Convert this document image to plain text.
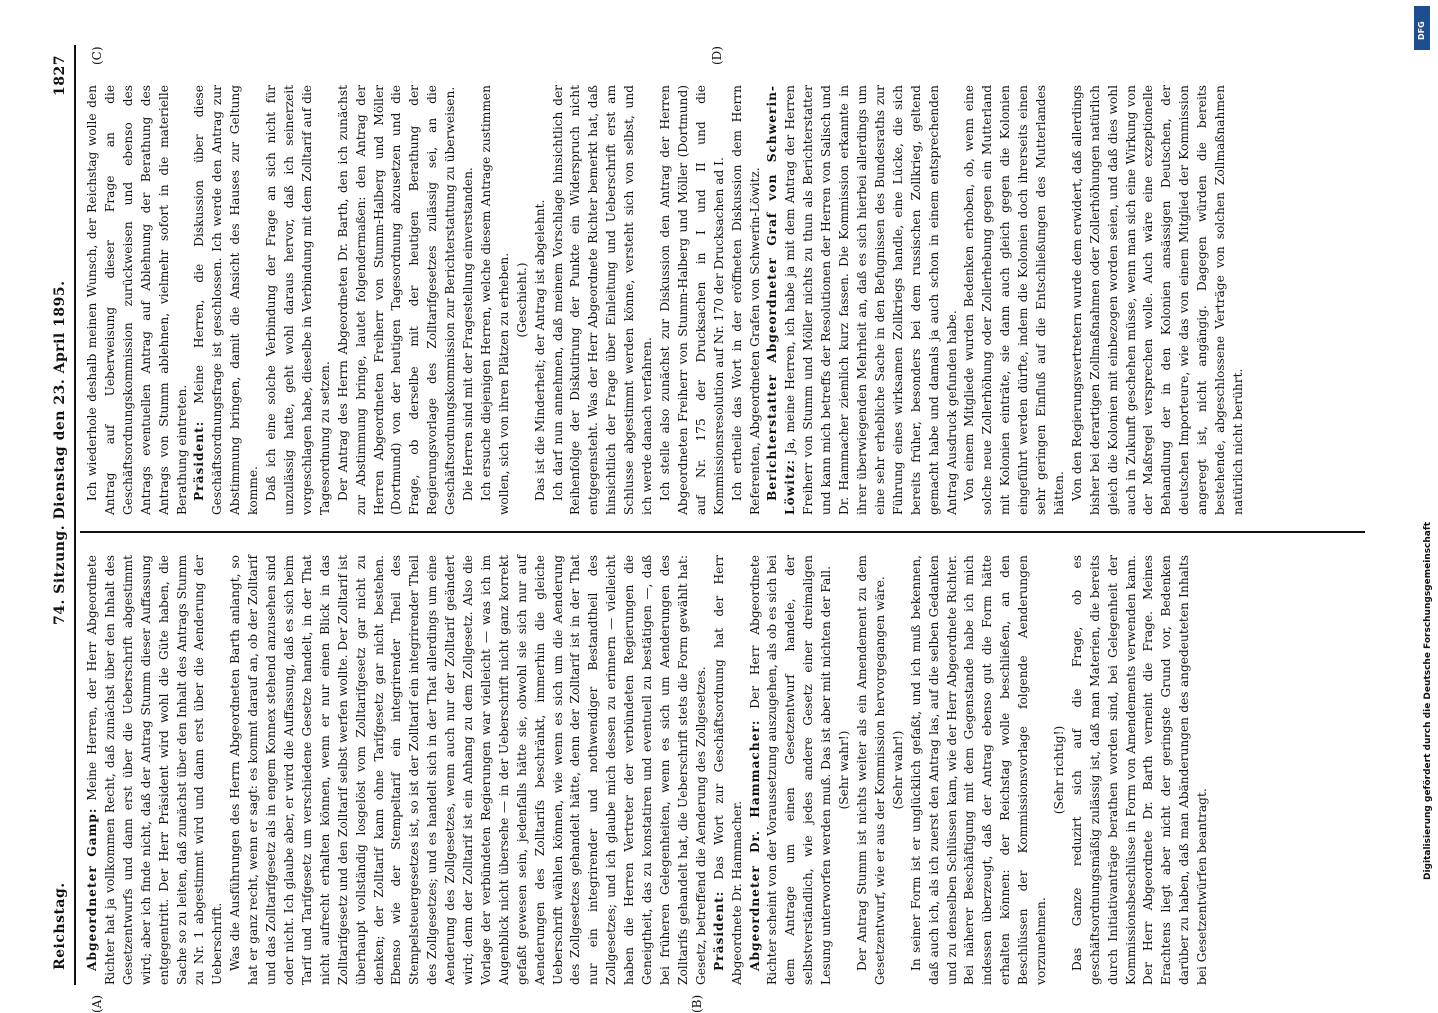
Reichstag.
74. Sitzung. Dienstag den 23. April 1895.
1827

Abgeordneter Gamp: Meine Herren, der Herr Abgeordnete Richter hat ja vollkommen Recht, daß zunächst über den Inhalt des Gesetzentwurfs und dann erst über die Ueberschrift abgestimmt wird; aber ich finde nicht, daß der Antrag Stumm dieser Auffassung entgegentritt. Der Herr Präsident wird wohl die Güte haben, die Sache so zu leiten, daß zunächst über den Inhalt des Antrags Stumm zu Nr. 1 abgestimmt wird und dann erst über die Aenderung der Ueberschrift. Was die Ausführungen des Herrn Abgeordneten Barth anlangt, so hat er ganz recht, wenn er sagt: es kommt darauf an, ob der Zolltarif und das Zolltarifgesetz als in engem Konnex stehend anzusehen sind oder nicht. Ich glaube aber, er wird die Auffassung, daß es sich beim Tarif und Tarifgesetz um verschiedene Gesetze handelt, in der That nicht aufrecht erhalten können, wenn er nur einen Blick in das Zolltarifgesetz und den Zolltarif selbst werfen wollte. Der Zolltarif ist überhaupt vollständig losgelöst vom Zolltarifgesetz gar nicht zu denken; der Zolltarif kann ohne Tarifgesetz gar nicht bestehen. Ebenso wie der Stempeltarif ein integrirender Theil des Stempelsteuergesetzes ist, so ist der Zolltarif ein integrirender Theil des Zollgesetzes; und es handelt sich in der That allerdings um eine Aenderung des Zollgesetzes, wenn auch nur der Zolltarif geändert wird; denn der Zolltarif ist ein Anhang zu dem Zollgesetz. Also die Vorlage der verbündeten Regierungen war vielleicht — was ich im Augenblick nicht übersehe — in der Ueberschrift nicht ganz korrekt gefaßt gewesen sein, jedenfalls hätte sie, obwohl sie sich nur auf Aenderungen des Zolltarifs beschränkt, immerhin die gleiche Ueberschrift wählen können, wie wenn es sich um die Aenderung des Zollgesetzes gehandelt hätte, denn der Zolltarif ist in der That nur ein integrirender und nothwendiger Bestandtheil des Zollgesetzes; und ich glaube mich dessen zu erinnern — vielleicht haben die Herren Vertreter der verbündeten Regierungen die Geneigtheit, das zu konstatiren und eventuell zu bestätigen —, daß bei früheren Gelegenheiten, wenn es sich um Aenderungen des Zolltarifs gehandelt hat, die Ueberschrift stets die Form gewählt hat: Gesetz, betreffend die Aenderung des Zollgesetzes. Präsident: Das Wort zur Geschäftsordnung hat der Herr Abgeordnete Dr. Hammacher. Abgeordneter Dr. Hammacher: Der Herr Abgeordnete Richter scheint von der Voraussetzung auszugehen, als ob es sich bei dem Antrage um einen Gesetzentwurf handele, der selbstverständlich, wie jedes andere Gesetz einer dreimaligen Lesung unterworfen werden muß. Das ist aber mit nichten der Fall. (Sehr wahr!) Der Antrag Stumm ist nichts weiter als ein Amendement zu dem Gesetzentwurf, wie er aus der Kommission hervorgegangen wäre. (Sehr wahr!) In seiner Form ist er unglücklich gefaßt, und ich muß bekennen, daß auch ich, als ich zuerst den Antrag las, auf die selben Gedanken und zu denselben Schlüssen kam, wie der Herr Abgeordnete Richter. Bei näherer Beschäftigung mit dem Gegenstande habe ich mich indessen überzeugt, daß der Antrag ebenso gut die Form hätte erhalten können: der Reichstag wolle beschließen, an den Beschlüssen der Kommissionsvorlage folgende Aenderungen vorzunehmen.

(Sehr richtig!) Das Ganze reduzirt sich auf die Frage, ob es geschäftsordnungsmäßig zulässig ist, daß man Materien, die bereits durch Initiativanträge berathen worden sind, bei Gelegenheit der Kommissionsbeschlüsse in Form von Amendements verwenden kann. Der Herr Abgeordnete Dr. Barth verneint die Frage. Meines Erachtens liegt aber nicht der geringste Grund vor, Bedenken darüber zu haben, daß man Abänderungen des angedeuteten Inhalts bei Gesetzentwürfen beantragt.

Ich wiederhole deshalb meinen Wunsch, der Reichstag wolle den Antrag auf Ueberweisung dieser Frage an die Geschäftsordnungskommission zurückweisen und ebenso des Antrags eventuellen Antrag auf Ablehnung der Berathung des Antrags von Stumm ablehnen, vielmehr sofort in die materielle Berathung eintreten. Präsident: Meine Herren, die Diskussion über diese Geschäftsordnungsfrage ist geschlossen. Ich werde den Antrag zur Abstimmung bringen, damit die Ansicht des Hauses zur Geltung komme. Daß ich eine solche Verbindung der Frage an sich nicht für unzulässig hatte, geht wohl daraus hervor, daß ich seinerzeit vorgeschlagen habe, dieselbe in Verbindung mit dem Zolltarif auf die Tagesordnung zu setzen. Der Antrag des Herrn Abgeordneten Dr. Barth, den ich zunächst zur Abstimmung bringe, lautet folgendermaßen: den Antrag der Herren Abgeordneten Freiherr von Stumm-Halberg und Möller (Dortmund) von der heutigen Tagesordnung abzusetzen und die Frage, ob derselbe mit der heutigen Berathung der Regierungsvorlage des Zolltarifgesetzes zulässig sei, an die Geschäftsordnungskommission zur Berichterstattung zu überweisen. Die Herren sind mit der Fragestellung einverstanden. Ich ersuche diejenigen Herren, welche diesem Antrage zustimmen wollen, sich von ihren Plätzen zu erheben. (Geschieht.) Das ist die Minderheit; der Antrag ist abgelehnt. Ich darf nun annehmen, daß meinem Vorschlage hinsichtlich der Reihenfolge der Diskutirung der Punkte ein Widerspruch nicht entgegensteht. Was der Herr Abgeordnete Richter bemerkt hat, daß hinsichtlich der Frage über Einleitung und Ueberschrift erst am Schlusse abgestimmt werden könne, versteht sich von selbst, und ich werde danach verfahren. Ich stelle also zunächst zur Diskussion den Antrag der Herren Abgeordneten Freiherr von Stumm-Halberg und Möller (Dortmund) auf Nr. 175 der Drucksachen in I und II und die Kommissionsresolution auf Nr. 170 der Drucksachen ad I. Ich ertheile das Wort in der eröffneten Diskussion dem Herrn Referenten, Abgeordneten Grafen von Schwerin-Löwitz. Berichterstatter Abgeordneter Graf von Schwerin-Löwitz: Ja, meine Herren, ich habe ja mit dem Antrag der Herren Freiherr von Stumm und Möller nichts zu thun als Berichterstatter und kann mich betreffs der Resolutionen der Herren von Salisch und Dr. Hammacher ziemlich kurz fassen. Die Kommission erkannte in ihrer überwiegenden Mehrheit an, daß es sich hierbei allerdings um eine sehr erhebliche Sache in den Befugnissen des Bundesraths zur Führung eines wirksamen Zollkriegs handle, eine Lücke, die sich bereits früher, besonders bei dem russischen Zollkrieg, geltend gemacht habe und damals ja auch schon in einem entsprechenden Antrag Ausdruck gefunden habe. Von einem Mitgliede wurden Bedenken erhoben, ob, wenn eine solche neue Zollerhöhung oder Zollerhebung gegen ein Mutterland mit Kolonien einträte, sie dann auch gleich gegen die Kolonien eingeführt werden dürfte, indem die Kolonien doch ihrerseits einen sehr geringen Einfluß auf die Entschließungen des Mutterlandes hätten. Von den Regierungsvertretern wurde dem erwidert, daß allerdings bisher bei derartigen Zollmaßnahmen oder Zollerhöhungen natürlich gleich die Kolonien mit einbezogen worden seien, und daß dies wohl auch in Zukunft geschehen müsse, wenn man sich eine Wirkung von der Maßregel versprechen wolle. Auch wäre eine exzeptionelle Behandlung der in den Kolonien ansässigen Deutschen, der deutschen Importeure, wie das von einem Mitglied der Kommission angeregt ist, nicht angängig. Dagegen würden die bereits bestehende, abgeschlossene Verträge von solchen Zollmaßnahmen natürlich nicht berührt.

(A)	(B)
(C)	(D)
DFG
Digitalisierung gefördert durch die Deutsche Forschungsgemeinschaft
